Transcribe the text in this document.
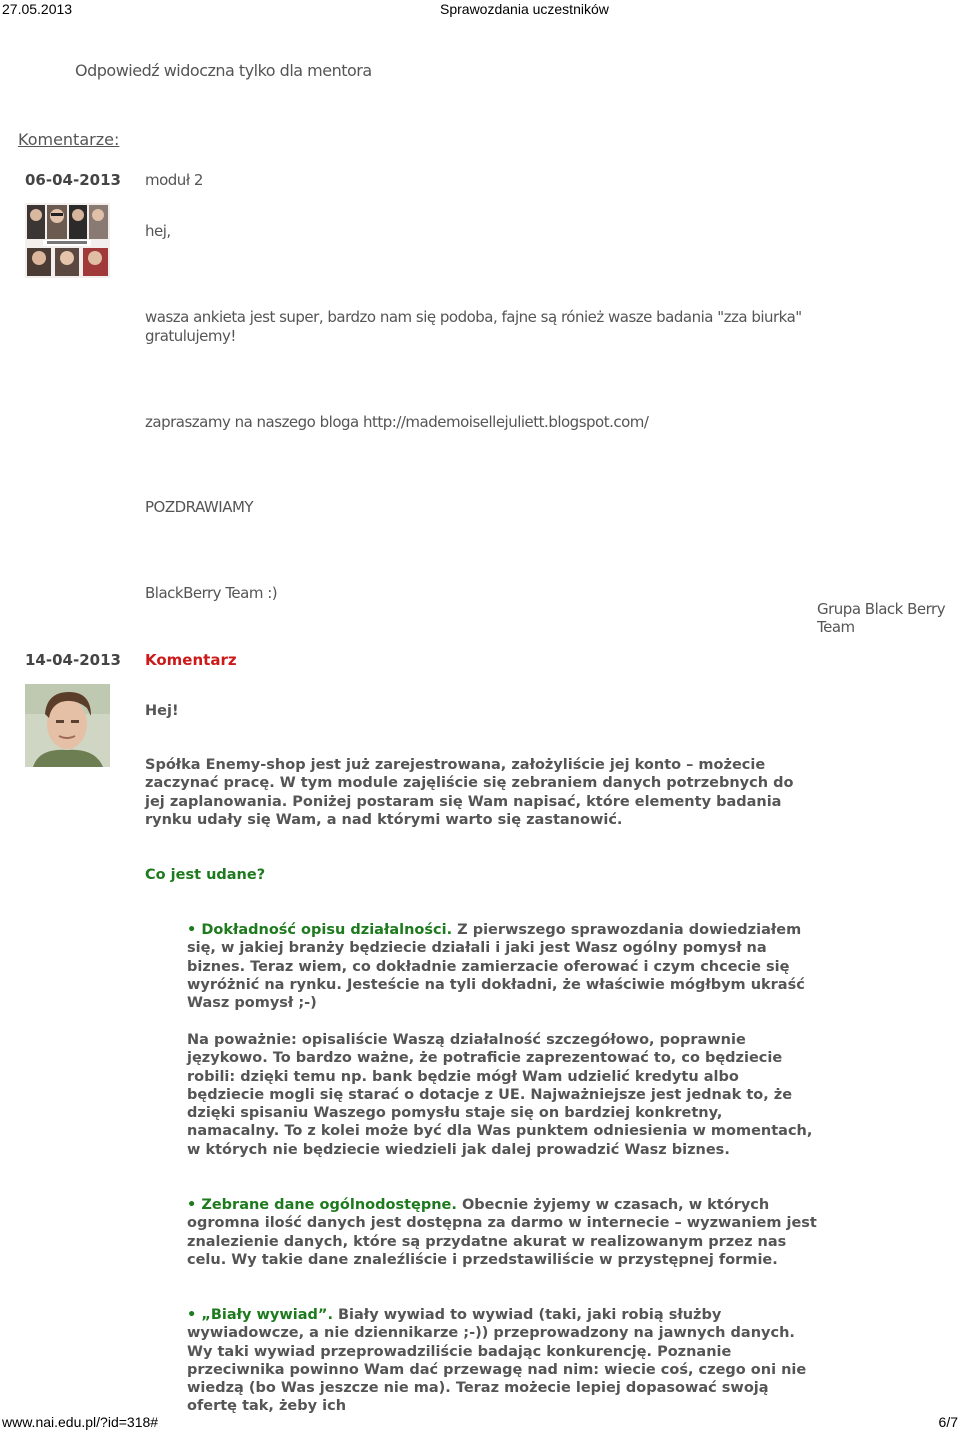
27.05.2013	Sprawozdania uczestników
Odpowiedź widoczna tylko dla mentora
Komentarze:
06-04-2013 moduł 2
hej,
wasza ankieta jest super, bardzo nam się podoba, fajne są rónież wasze badania "zza biurka" gratulujemy!
zapraszamy na naszego bloga http://mademoisellejuliett.blogspot.com/
POZDRAWIAMY
BlackBerry Team :)
Grupa Black Berry Team
14-04-2013 Komentarz
Hej!
Spółka Enemy-shop jest już zarejestrowana, założyliście jej konto – możecie zaczynać pracę. W tym module zajęliście się zebraniem danych potrzebnych do jej zaplanowania. Poniżej postaram się Wam napisać, które elementy badania rynku udały się Wam, a nad którymi warto się zastanowić.
Co jest udane?
• Dokładność opisu działalności. Z pierwszego sprawozdania dowiedziałem się, w jakiej branży będziecie działali i jaki jest Wasz ogólny pomysł na biznes. Teraz wiem, co dokładnie zamierzacie oferować i czym chcecie się wyróżnić na rynku. Jesteście na tyli dokładni, że właściwie mógłbym ukraść Wasz pomysł ;-)
Na poważnie: opisaliście Waszą działalność szczegółowo, poprawnie językowo. To bardzo ważne, że potraficie zaprezentować to, co będziecie robili: dzięki temu np. bank będzie mógł Wam udzielić kredytu albo będziecie mogli się starać o dotacje z UE. Najważniejsze jest jednak to, że dzięki spisaniu Waszego pomysłu staje się on bardziej konkretny, namacalny. To z kolei może być dla Was punktem odniesienia w momentach, w których nie będziecie wiedzieli jak dalej prowadzić Wasz biznes.
• Zebrane dane ogólnodostępne. Obecnie żyjemy w czasach, w których ogromna ilość danych jest dostępna za darmo w internecie – wyzwaniem jest znalezienie danych, które są przydatne akurat w realizowanym przez nas celu. Wy takie dane znaleźliście i przedstawiliście w przystępnej formie.
• „Biały wywiad”. Biały wywiad to wywiad (taki, jaki robią służby wywiadowcze, a nie dziennikarze ;-)) przeprowadzony na jawnych danych. Wy taki wywiad przeprowadziliście badając konkurencję. Poznanie przeciwnika powinno Wam dać przewagę nad nim: wiecie coś, czego oni nie wiedzą (bo Was jeszcze nie ma). Teraz możecie lepiej dopasować swoją ofertę tak, żeby ich
www.nai.edu.pl/?id=318#	6/7
